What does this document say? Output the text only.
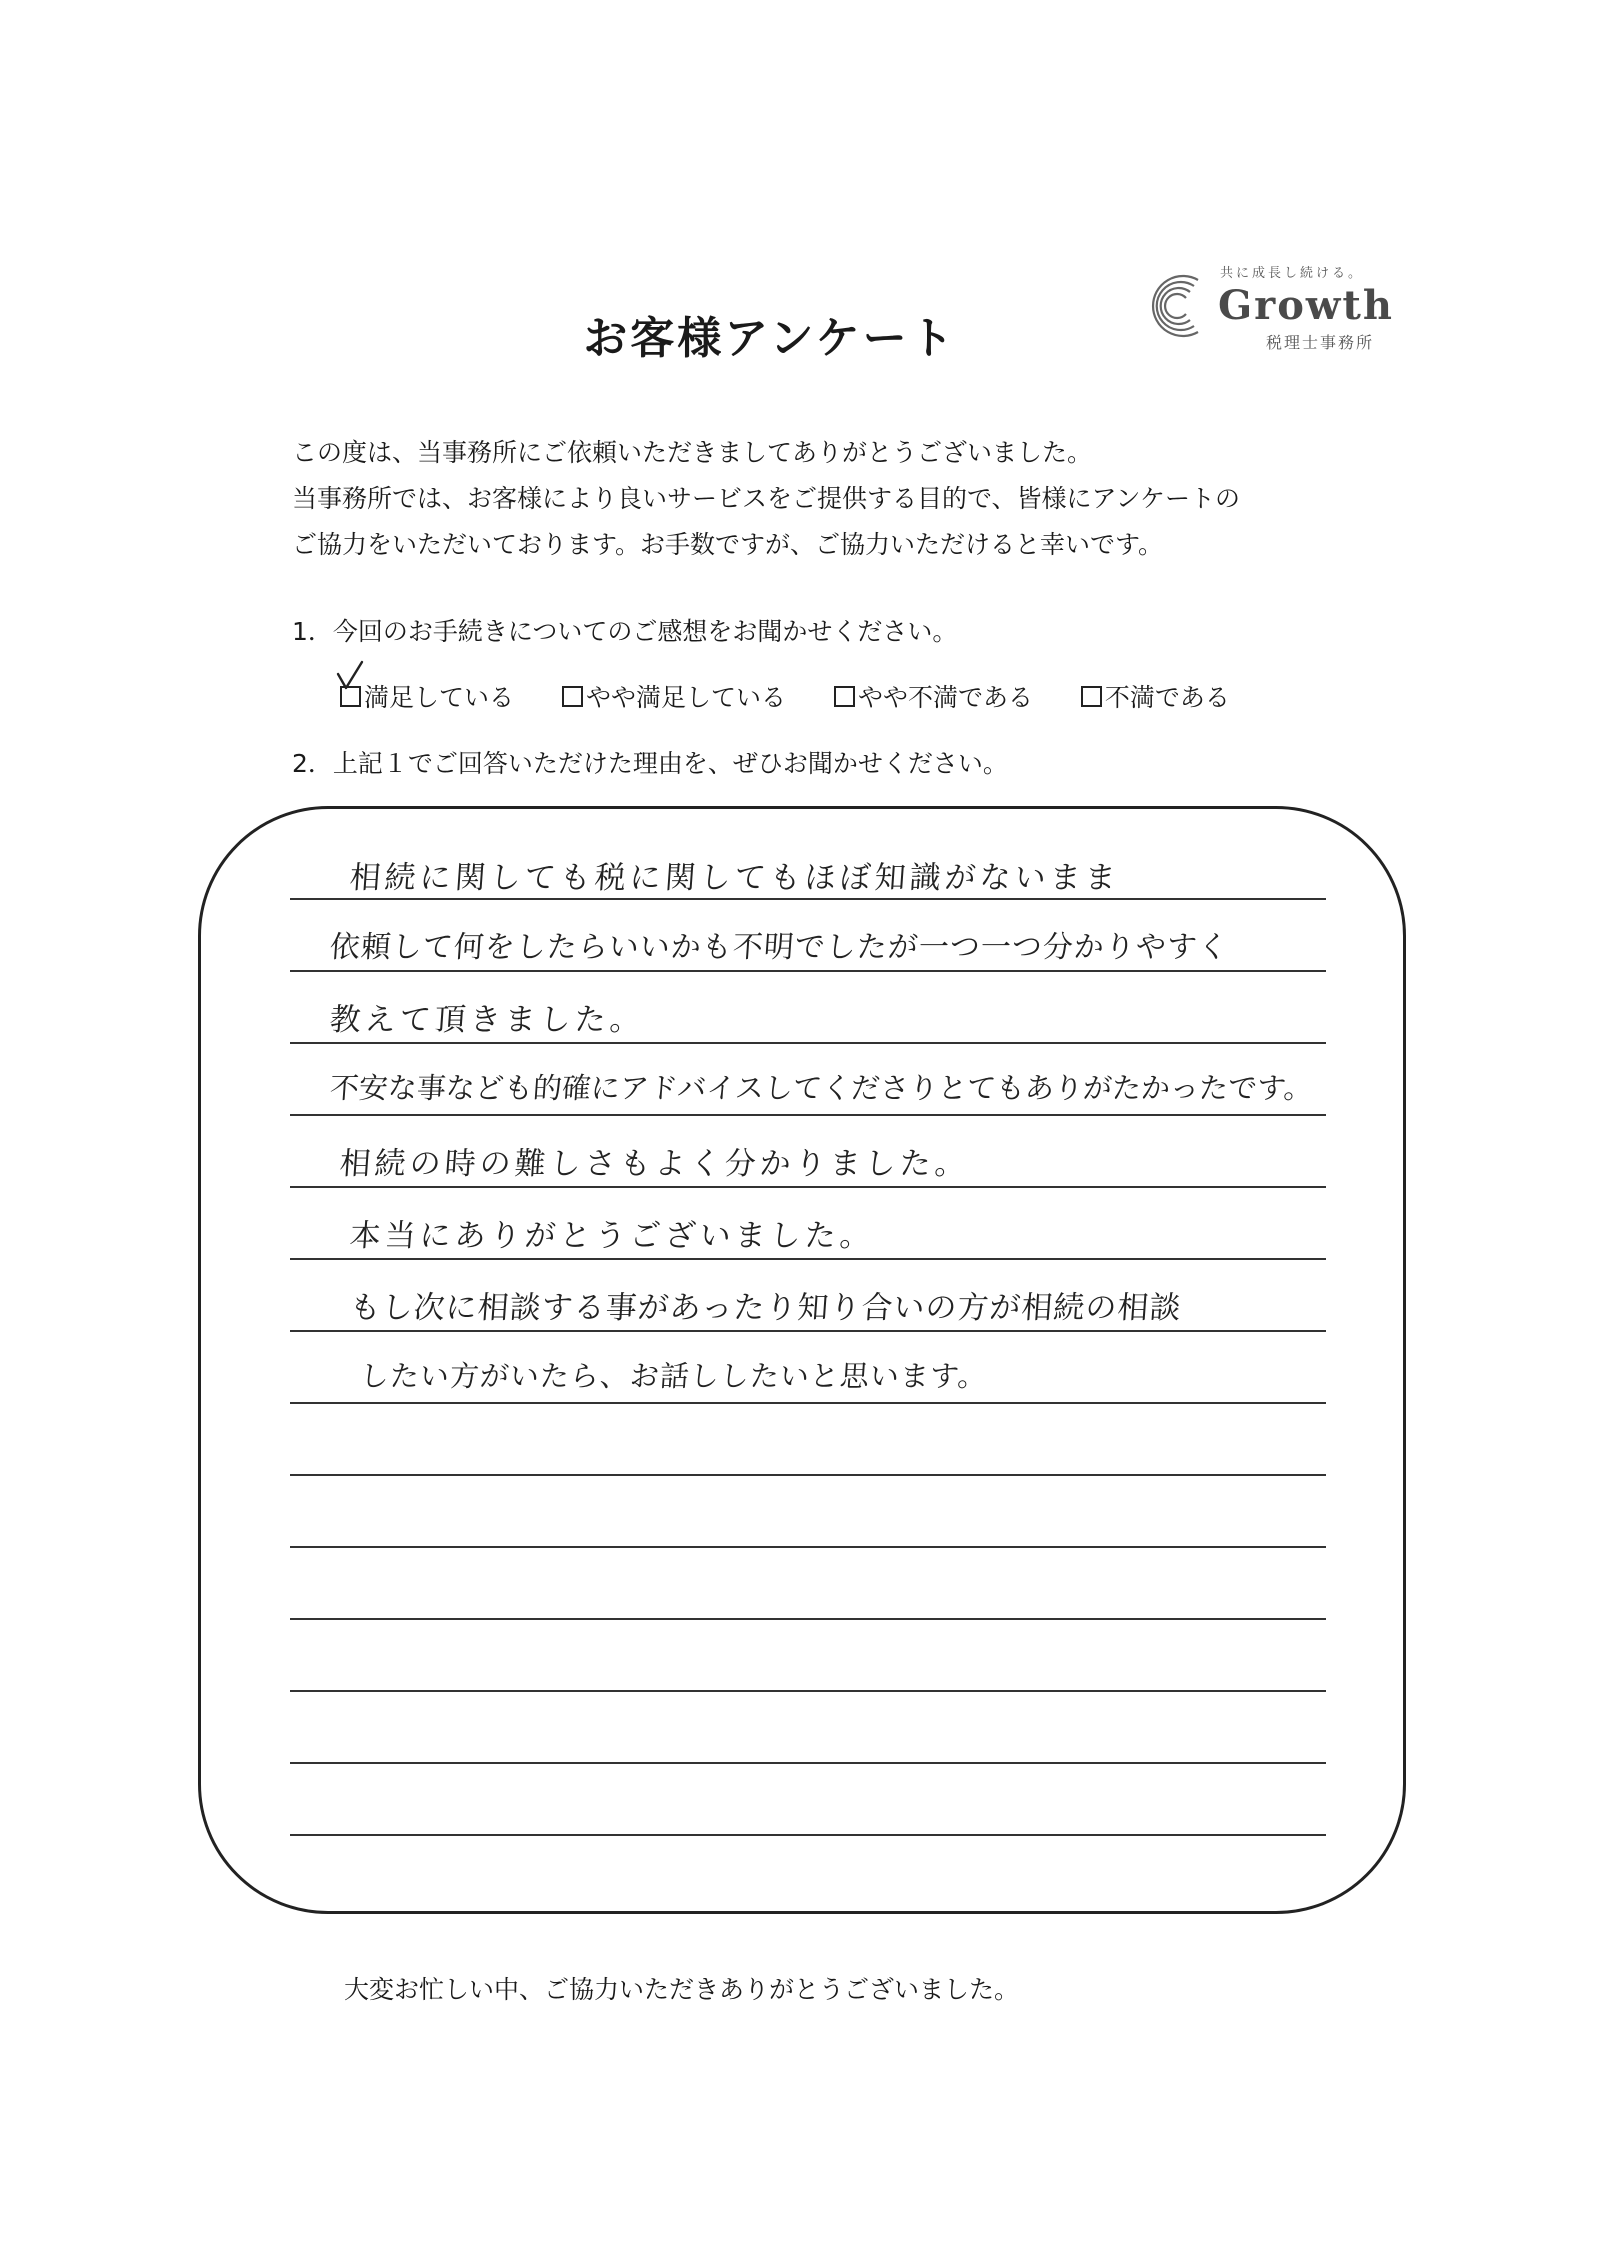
共に成長し続ける。
Growth
税理士事務所
お客様アンケート
この度は、当事務所にご依頼いただきましてありがとうございました。
当事務所では、お客様により良いサービスをご提供する目的で、皆様にアンケートの
ご協力をいただいております。お手数ですが、ご協力いただけると幸いです。
1．今回のお手続きについてのご感想をお聞かせください。
満足している	やや満足している	やや不満である	不満である
2．上記１でご回答いただけた理由を、ぜひお聞かせください。
相続に関しても税に関してもほぼ知識がないまま
依頼して何をしたらいいかも不明でしたが一つ一つ分かりやすく
教えて頂きました。
不安な事なども的確にアドバイスしてくださりとてもありがたかったです。
相続の時の難しさもよく分かりました。
本当にありがとうございました。
もし次に相談する事があったり知り合いの方が相続の相談
したい方がいたら、お話ししたいと思います。
大変お忙しい中、ご協力いただきありがとうございました。
